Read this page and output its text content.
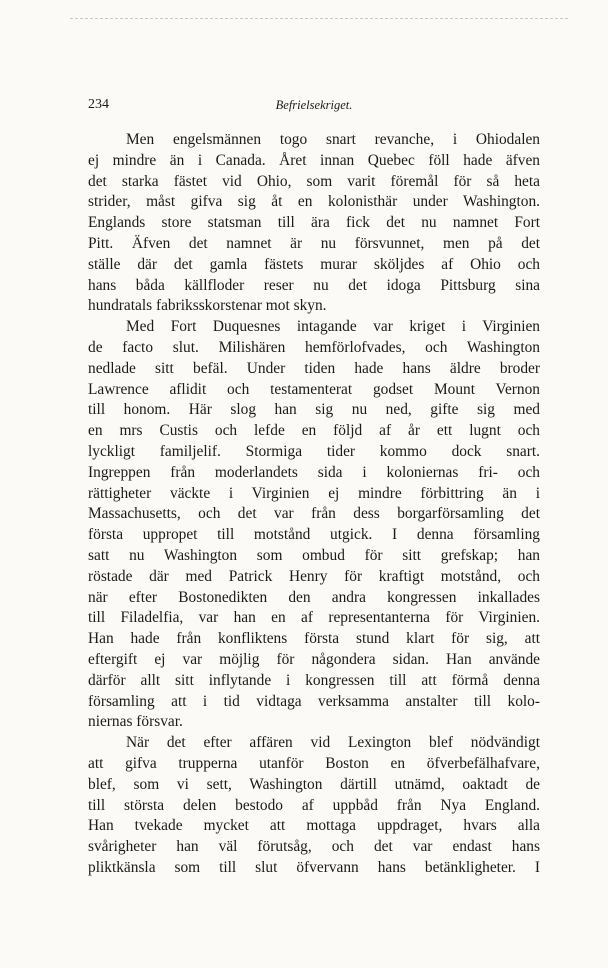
234	Befrielsekriget.

Men engelsmännen togo snart revanche, i Ohiodalen
ej mindre än i Canada. Året innan Quebec föll hade äfven
det starka fästet vid Ohio, som varit föremål för så heta
strider, måst gifva sig åt en kolonisthär under Washington.
Englands store statsman till ära fick det nu namnet Fort
Pitt. Äfven det namnet är nu försvunnet, men på det
ställe där det gamla fästets murar sköljdes af Ohio och
hans båda källfloder reser nu det idoga Pittsburg sina
hundratals fabriksskorstenar mot skyn.

Med Fort Duquesnes intagande var kriget i Virginien
de facto slut. Milishären hemförlofvades, och Washington
nedlade sitt befäl. Under tiden hade hans äldre broder
Lawrence aflidit och testamenterat godset Mount Vernon
till honom. Här slog han sig nu ned, gifte sig med
en mrs Custis och lefde en följd af år ett lugnt och
lyckligt familjelif. Stormiga tider kommo dock snart.
Ingreppen från moderlandets sida i koloniernas fri- och
rättigheter väckte i Virginien ej mindre förbittring än i
Massachusetts, och det var från dess borgarförsamling det
första uppropet till motstånd utgick. I denna församling
satt nu Washington som ombud för sitt grefskap; han
röstade där med Patrick Henry för kraftigt motstånd, och
när efter Bostonedikten den andra kongressen inkallades
till Filadelfia, var han en af representanterna för Virginien.
Han hade från konfliktens första stund klart för sig, att
eftergift ej var möjlig för någondera sidan. Han använde
därför allt sitt inflytande i kongressen till att förmå denna
församling att i tid vidtaga verksamma anstalter till kolo-
niernas försvar.

När det efter affären vid Lexington blef nödvändigt
att gifva trupperna utanför Boston en öfverbefälhafvare,
blef, som vi sett, Washington därtill utnämd, oaktadt de
till största delen bestodo af uppbåd från Nya England.
Han tvekade mycket att mottaga uppdraget, hvars alla
svårigheter han väl förutsåg, och det var endast hans
pliktkänsla som till slut öfvervann hans betänkligheter. I
